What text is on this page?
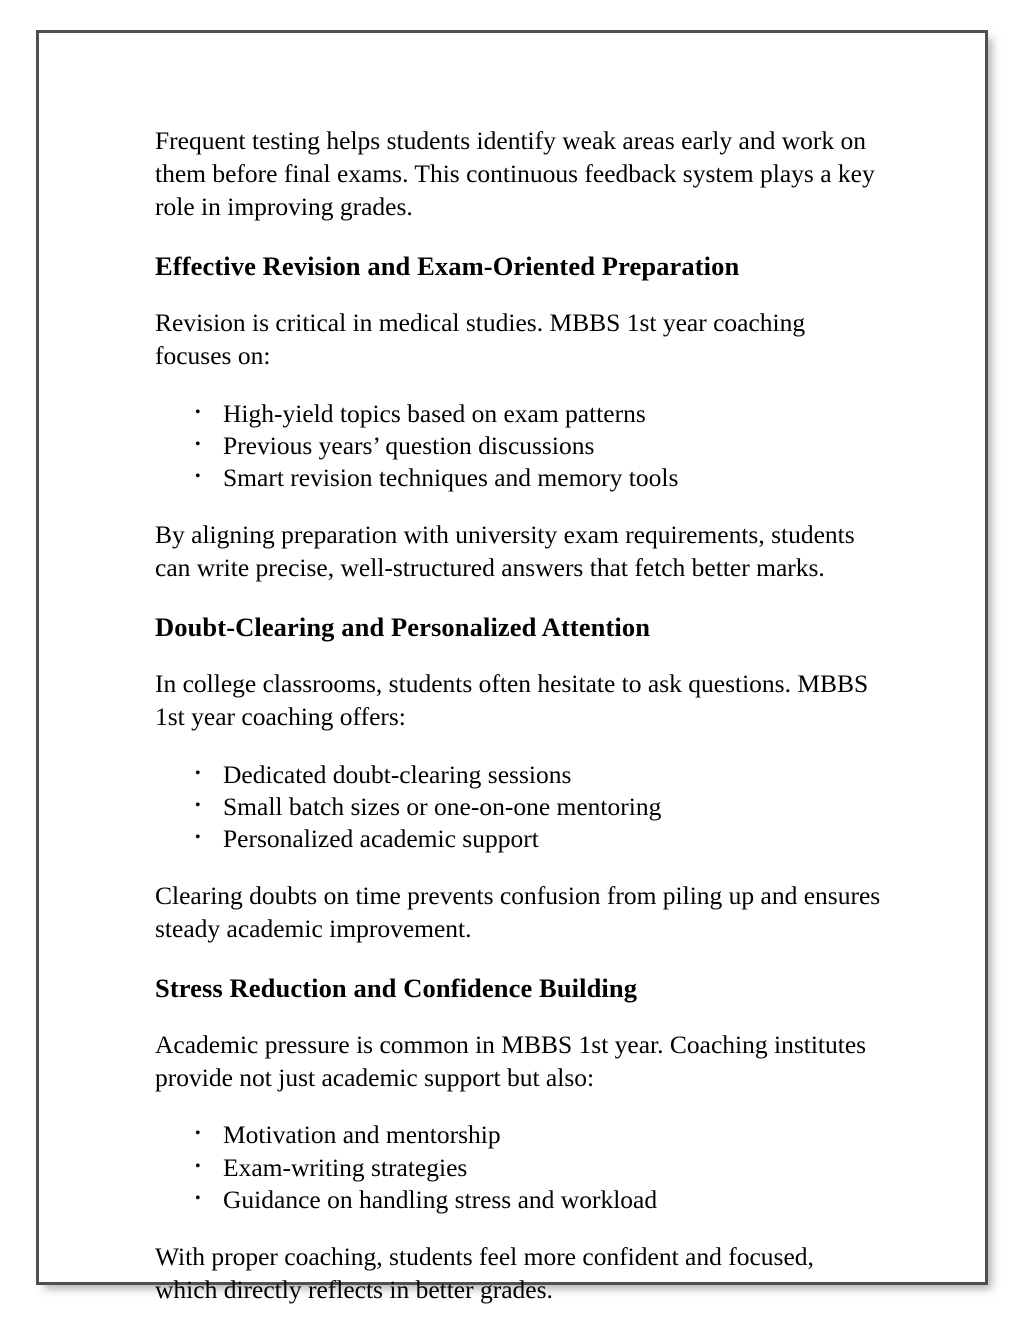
Frequent testing helps students identify weak areas early and work on them before final exams. This continuous feedback system plays a key role in improving grades.

Effective Revision and Exam-Oriented Preparation

Revision is critical in medical studies. MBBS 1st year coaching focuses on:

• High-yield topics based on exam patterns
• Previous years’ question discussions
• Smart revision techniques and memory tools

By aligning preparation with university exam requirements, students can write precise, well-structured answers that fetch better marks.

Doubt-Clearing and Personalized Attention

In college classrooms, students often hesitate to ask questions. MBBS 1st year coaching offers:

• Dedicated doubt-clearing sessions
• Small batch sizes or one-on-one mentoring
• Personalized academic support

Clearing doubts on time prevents confusion from piling up and ensures steady academic improvement.

Stress Reduction and Confidence Building

Academic pressure is common in MBBS 1st year. Coaching institutes provide not just academic support but also:

• Motivation and mentorship
• Exam-writing strategies
• Guidance on handling stress and workload

With proper coaching, students feel more confident and focused, which directly reflects in better grades.
